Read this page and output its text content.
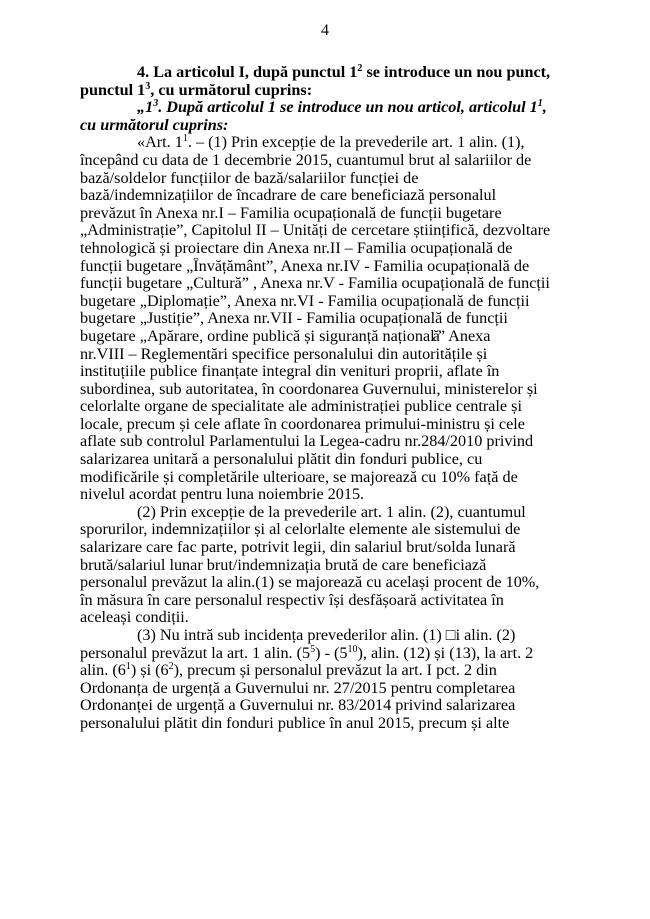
4
4. La articolul I, după punctul $1^2$ se introduce un nou punct,
punctul $1^3$, cu următorul cuprins:
$„1^3$. După articolul 1 se introduce un nou articol, articolul $1^1$,
cu următorul cuprins:
«Art. $1^1$. – (1) Prin excepție de la prevederile art. 1 alin. (1),
începând cu data de 1 decembrie 2015, cuantumul brut al salariilor de
bază/soldelor funcțiilor de bază/salariilor funcției de
bază/indemnizațiilor de încadrare de care beneficiază personalul
prevăzut în Anexa nr.I – Familia ocupațională de funcții bugetare
„Administrație”, Capitolul II – Unități de cercetare științifică, dezvoltare
tehnologică și proiectare din Anexa nr.II – Familia ocupațională de
funcții bugetare „Învățământ”, Anexa nr.IV - Familia ocupațională de
funcții bugetare „Cultură” , Anexa nr.V - Familia ocupațională de funcții
bugetare „Diplomație”, Anexa nr.VI - Familia ocupațională de funcții
bugetare „Justiție”, Anexa nr.VII - Familia ocupațională de funcții
bugetare „Apărare, ordine publică și siguranță națională” Anexa
nr.VIII – Reglementări specifice personalului din autoritățile și
instituțiile publice finanțate integral din venituri proprii, aflate în
subordinea, sub autoritatea, în coordonarea Guvernului, ministerelor și
celorlalte organe de specialitate ale administrației publice centrale și
locale, precum și cele aflate în coordonarea primului-ministru și cele
aflate sub controlul Parlamentului la Legea-cadru nr.284/2010 privind
salarizarea unitară a personalului plătit din fonduri publice, cu
modificările și completările ulterioare, se majorează cu 10% față de
nivelul acordat pentru luna noiembrie 2015.
(2) Prin excepție de la prevederile art. 1 alin. (2), cuantumul
sporurilor, indemnizațiilor și al celorlalte elemente ale sistemului de
salarizare care fac parte, potrivit legii, din salariul brut/solda lunară
brută/salariul lunar brut/indemnizația brută de care beneficiază
personalul prevăzut la alin.(1) se majorează cu același procent de 10%,
în măsura în care personalul respectiv își desfășoară activitatea în
aceleași condiții.
(3) Nu intră sub incidența prevederilor alin. (1) □i alin. (2)
personalul prevăzut la art. 1 alin. $(5^5) - (5^{10})$, alin. (12) și (13), la art. 2
alin. $(6^1)$ și $(6^2)$, precum și personalul prevăzut la art. I pct. 2 din
Ordonanța de urgență a Guvernului nr. 27/2015 pentru completarea
Ordonanței de urgență a Guvernului nr. 83/2014 privind salarizarea
personalului plătit din fonduri publice în anul 2015, precum și alte
